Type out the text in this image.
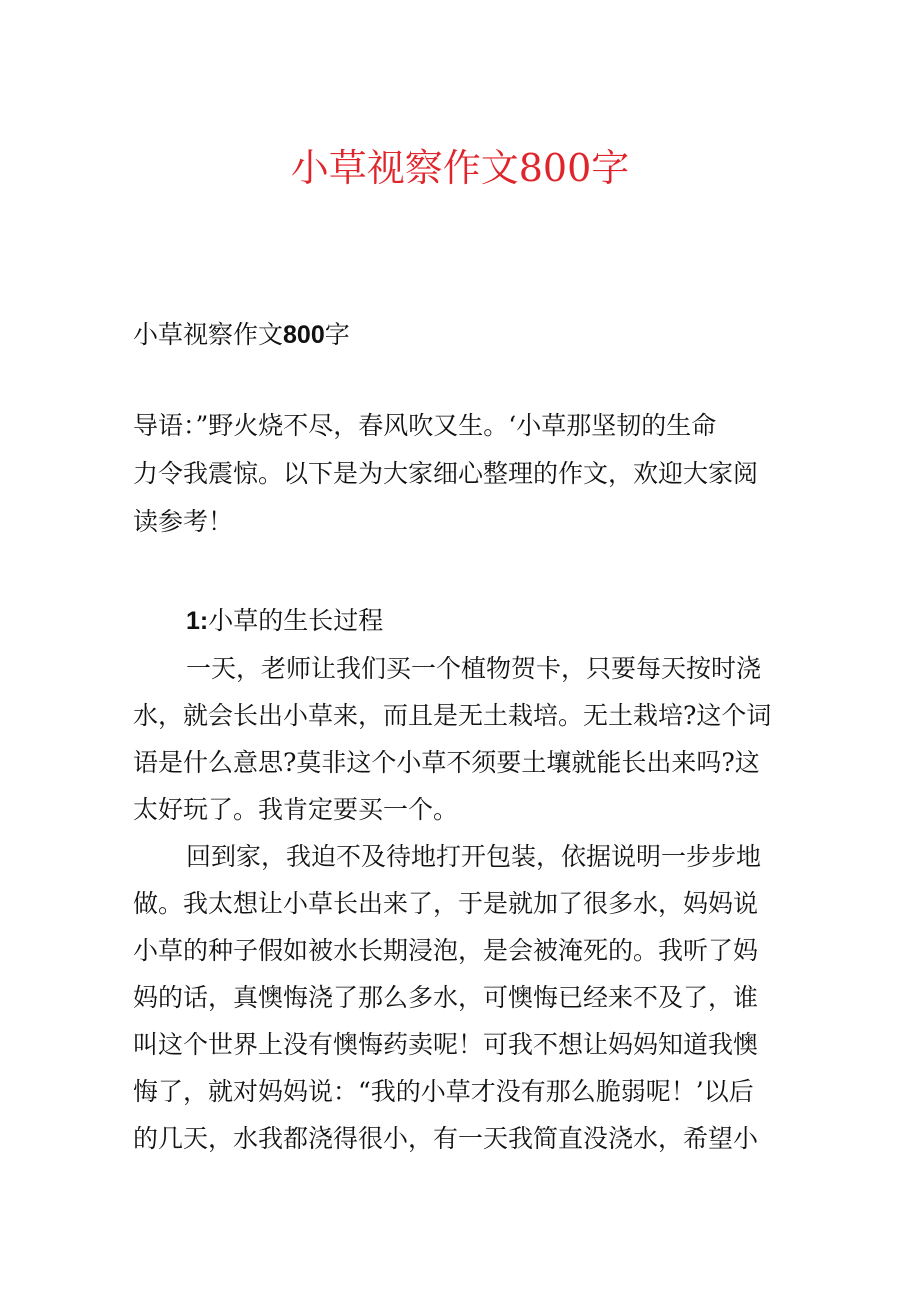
小草视察作文800字

小草视察作文800字

导语：”野火烧不尽，春风吹又生。‘小草那坚韧的生命
力令我震惊。以下是为大家细心整理的作文，欢迎大家阅
读参考！

1:小草的生长过程

一天，老师让我们买一个植物贺卡，只要每天按时浇
水，就会长出小草来，而且是无土栽培。无土栽培?这个词
语是什么意思?莫非这个小草不须要土壤就能长出来吗?这
太好玩了。我肯定要买一个。
回到家，我迫不及待地打开包装，依据说明一步步地
做。我太想让小草长出来了，于是就加了很多水，妈妈说
小草的种子假如被水长期浸泡，是会被淹死的。我听了妈
妈的话，真懊悔浇了那么多水，可懊悔已经来不及了，谁
叫这个世界上没有懊悔药卖呢！可我不想让妈妈知道我懊
悔了，就对妈妈说：“我的小草才没有那么脆弱呢！’以后
的几天，水我都浇得很小，有一天我简直没浇水，希望小
